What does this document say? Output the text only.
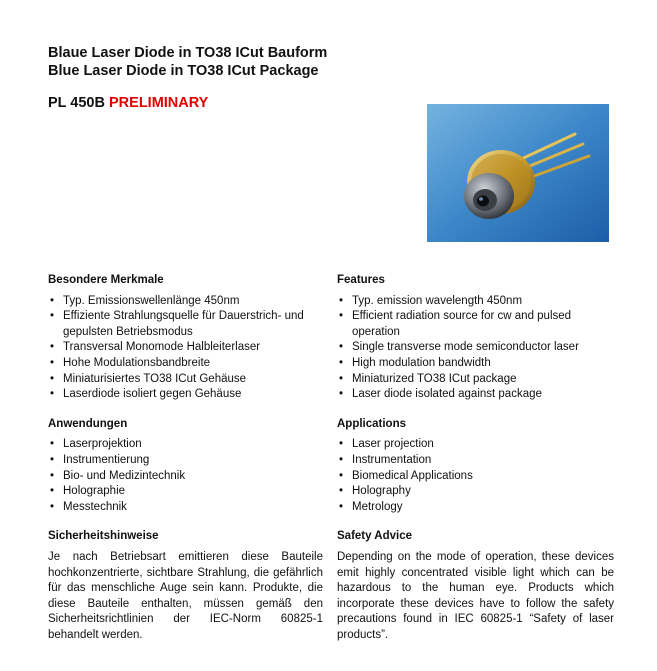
Blaue Laser Diode in TO38 ICut Bauform
Blue Laser Diode in TO38 ICut Package
PL 450B PRELIMINARY
Besondere Merkmale
• Typ. Emissionswellenlänge 450nm
• Effiziente Strahlungsquelle für Dauerstrich- und gepulsten Betriebsmodus
• Transversal Monomode Halbleiterlaser
• Hohe Modulationsbandbreite
• Miniaturisiertes TO38 ICut Gehäuse
• Laserdiode isoliert gegen Gehäuse
Anwendungen
• Laserprojektion
• Instrumentierung
• Bio- und Medizintechnik
• Holographie
• Messtechnik
Sicherheitshinweise

Je nach Betriebsart emittieren diese Bauteile hochkonzentrierte, sichtbare Strahlung, die gefährlich für das menschliche Auge sein kann. Produkte, die diese Bauteile enthalten, müssen gemäß den Sicherheitsrichtlinien der IEC-Norm 60825-1 behandelt werden.

Features
• Typ. emission wavelength 450nm
• Efficient radiation source for cw and pulsed operation
• Single transverse mode semiconductor laser
• High modulation bandwidth
• Miniaturized TO38 ICut package
• Laser diode isolated against package
Applications
• Laser projection
• Instrumentation
• Biomedical Applications
• Holography
• Metrology
Safety Advice

Depending on the mode of operation, these devices emit highly concentrated visible light which can be hazardous to the human eye. Products which incorporate these devices have to follow the safety precautions found in IEC 60825-1 “Safety of laser products”.
